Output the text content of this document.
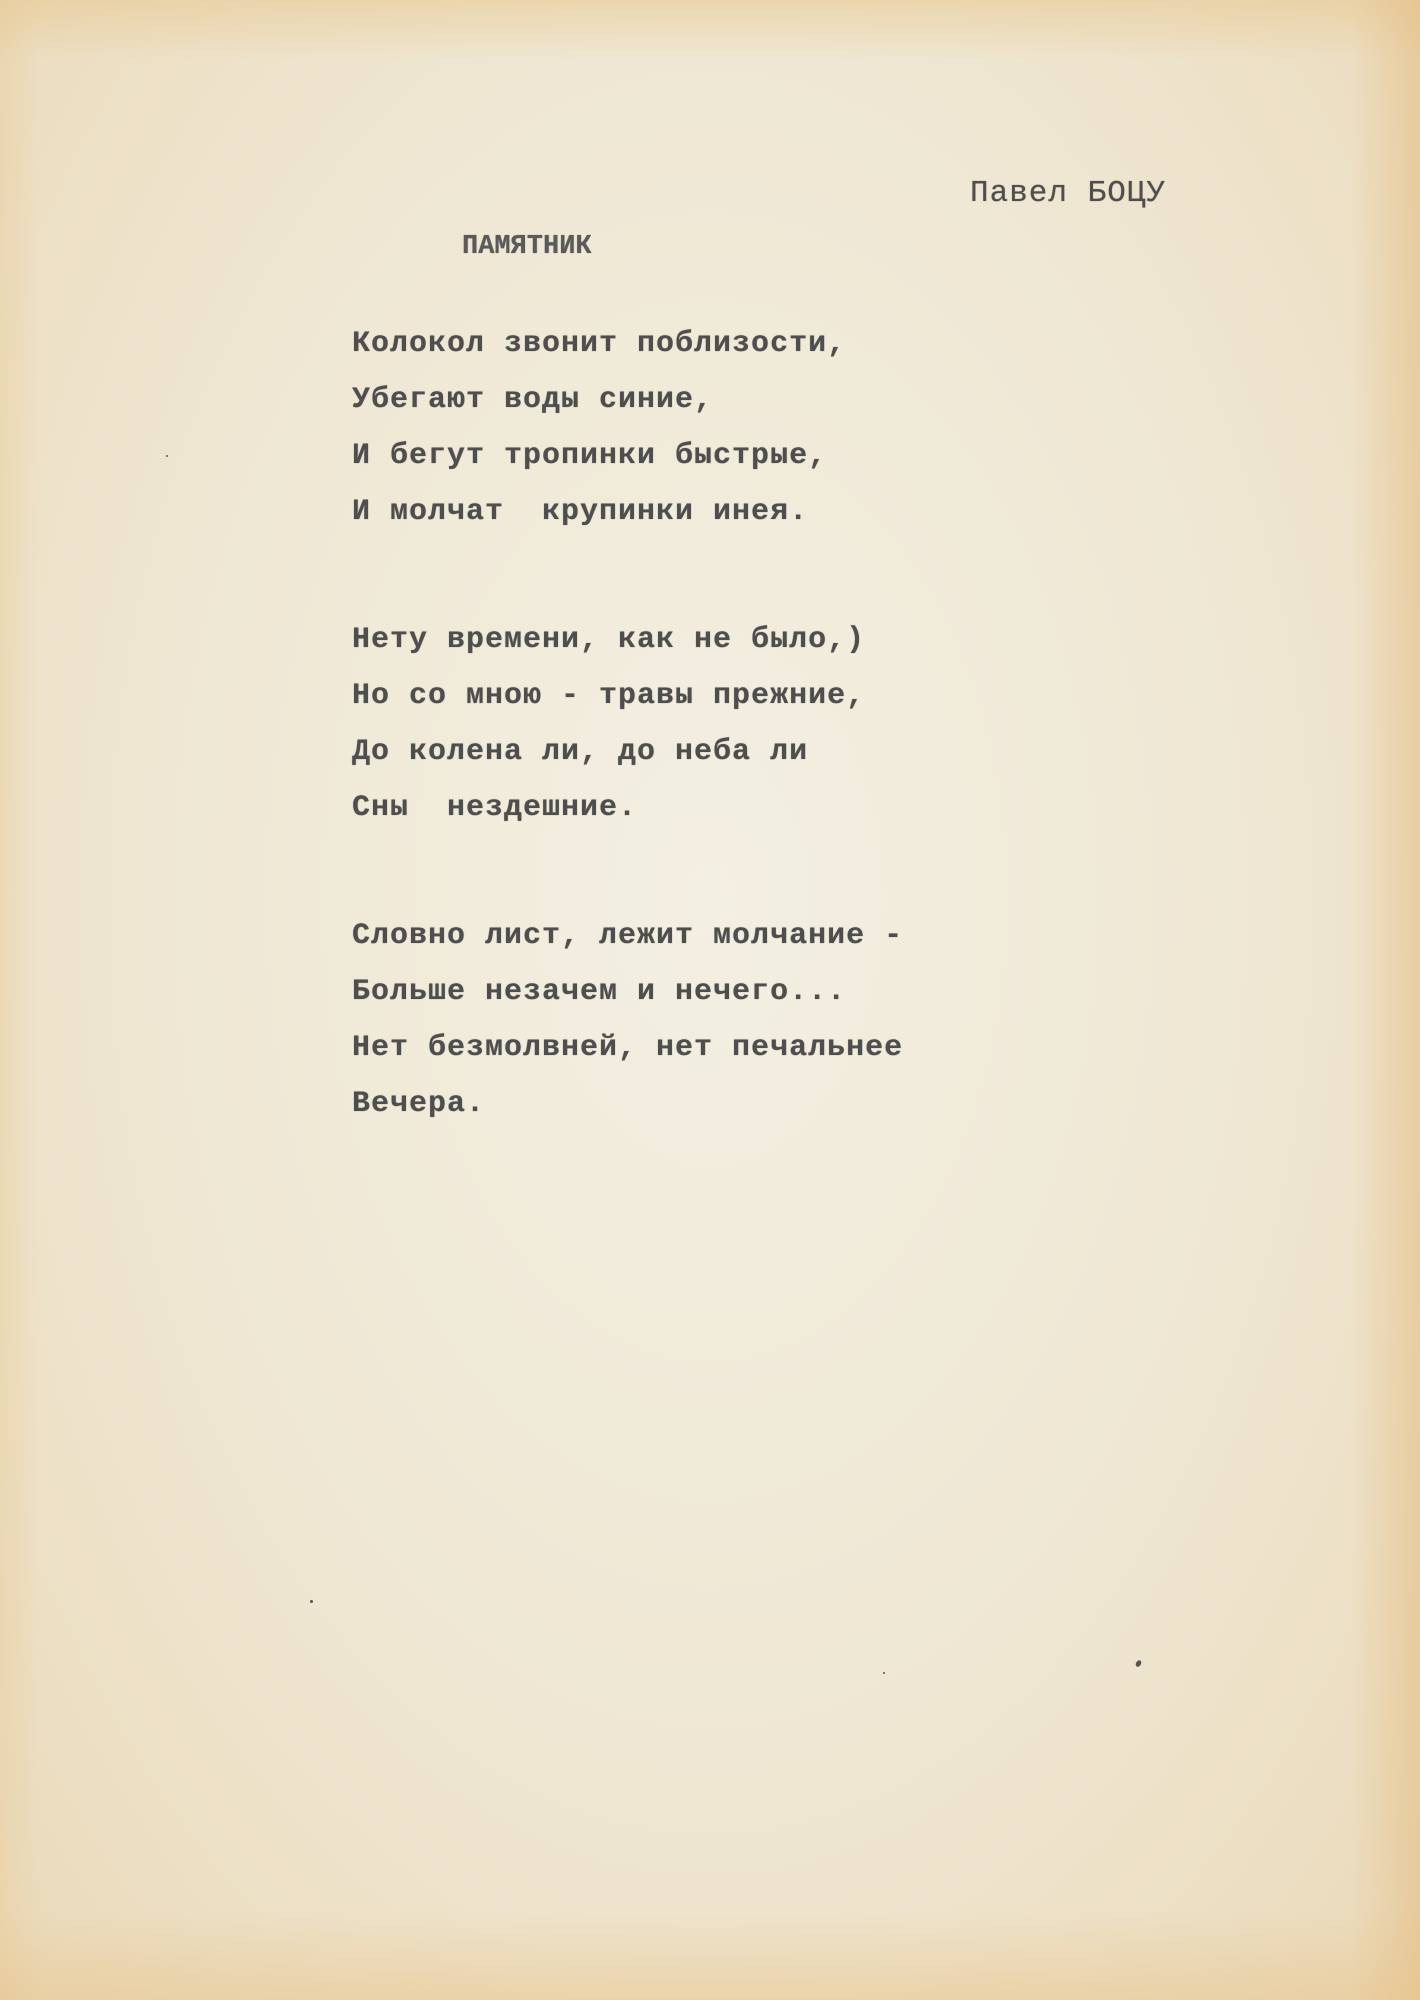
Павел БОЦУ
ПАМЯТНИК
Колокол звонит поблизости,
Убегают воды синие,
И бегут тропинки быстрые,
И молчат  крупинки инея.
Нету времени, как не было,)
Но со мною - травы прежние,
До колена ли, до неба ли
Сны  нездешние.
Словно лист, лежит молчание -
Больше незачем и нечего...
Нет безмолвней, нет печальнее
Вечера.
